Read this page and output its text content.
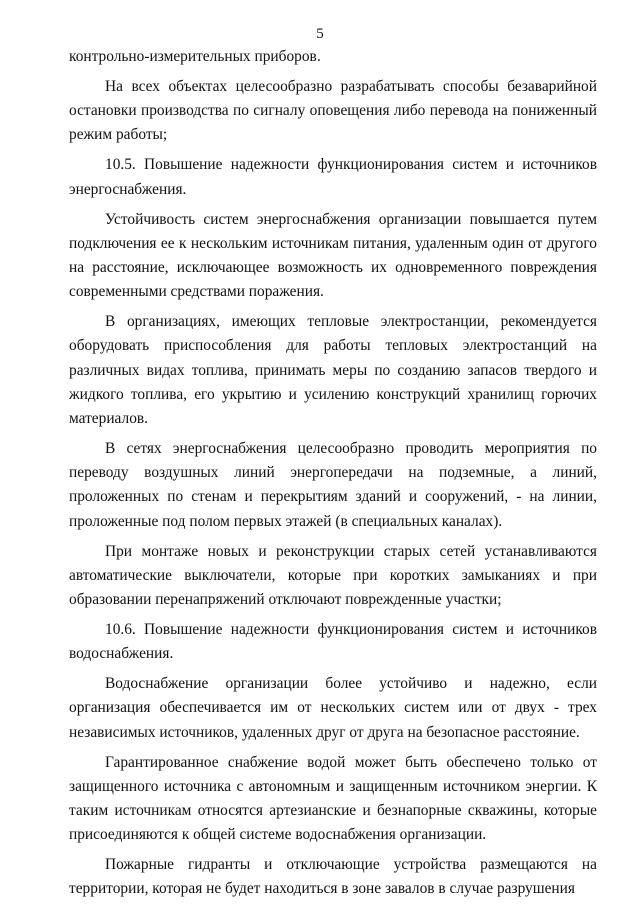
5

контрольно-измерительных приборов.

На всех объектах целесообразно разрабатывать способы безаварийной остановки производства по сигналу оповещения либо перевода на пониженный режим работы;

10.5. Повышение надежности функционирования систем и источников энергоснабжения.

Устойчивость систем энергоснабжения организации повышается путем подключения ее к нескольким источникам питания, удаленным один от другого на расстояние, исключающее возможность их одновременного повреждения современными средствами поражения.

В организациях, имеющих тепловые электростанции, рекомендуется оборудовать приспособления для работы тепловых электростанций на различных видах топлива, принимать меры по созданию запасов твердого и жидкого топлива, его укрытию и усилению конструкций хранилищ горючих материалов.

В сетях энергоснабжения целесообразно проводить мероприятия по переводу воздушных линий энергопередачи на подземные, а линий, проложенных по стенам и перекрытиям зданий и сооружений, - на линии, проложенные под полом первых этажей (в специальных каналах).

При монтаже новых и реконструкции старых сетей устанавливаются автоматические выключатели, которые при коротких замыканиях и при образовании перенапряжений отключают поврежденные участки;

10.6. Повышение надежности функционирования систем и источников водоснабжения.

Водоснабжение организации более устойчиво и надежно, если организация обеспечивается им от нескольких систем или от двух - трех независимых источников, удаленных друг от друга на безопасное расстояние.

Гарантированное снабжение водой может быть обеспечено только от защищенного источника с автономным и защищенным источником энергии. К таким источникам относятся артезианские и безнапорные скважины, которые присоединяются к общей системе водоснабжения организации.

Пожарные гидранты и отключающие устройства размещаются на территории, которая не будет находиться в зоне завалов в случае разрушения
